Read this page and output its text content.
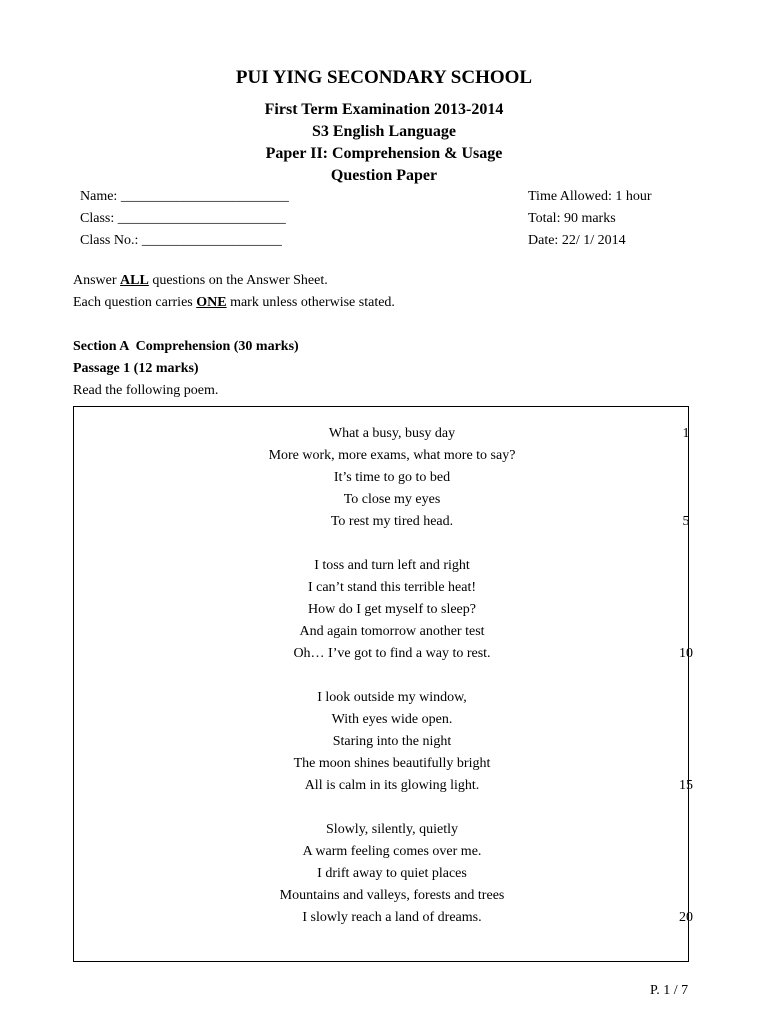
PUI YING SECONDARY SCHOOL
First Term Examination 2013-2014
S3 English Language
Paper II: Comprehension & Usage
Question Paper
Name: ________________________
Class: ________________________
Class No.: ____________________
Time Allowed: 1 hour
Total: 90 marks
Date: 22/ 1/ 2014
Answer ALL questions on the Answer Sheet.
Each question carries ONE mark unless otherwise stated.
Section A  Comprehension (30 marks)
Passage 1 (12 marks)
Read the following poem.
What a busy, busy day
More work, more exams, what more to say?
It’s time to go to bed
To close my eyes
To rest my tired head.
I toss and turn left and right
I can’t stand this terrible heat!
How do I get myself to sleep?
And again tomorrow another test
Oh… I’ve got to find a way to rest.
I look outside my window,
With eyes wide open.
Staring into the night
The moon shines beautifully bright
All is calm in its glowing light.
Slowly, silently, quietly
A warm feeling comes over me.
I drift away to quiet places
Mountains and valleys, forests and trees
I slowly reach a land of dreams.
1
5
10
15
20
P. 1 / 7
